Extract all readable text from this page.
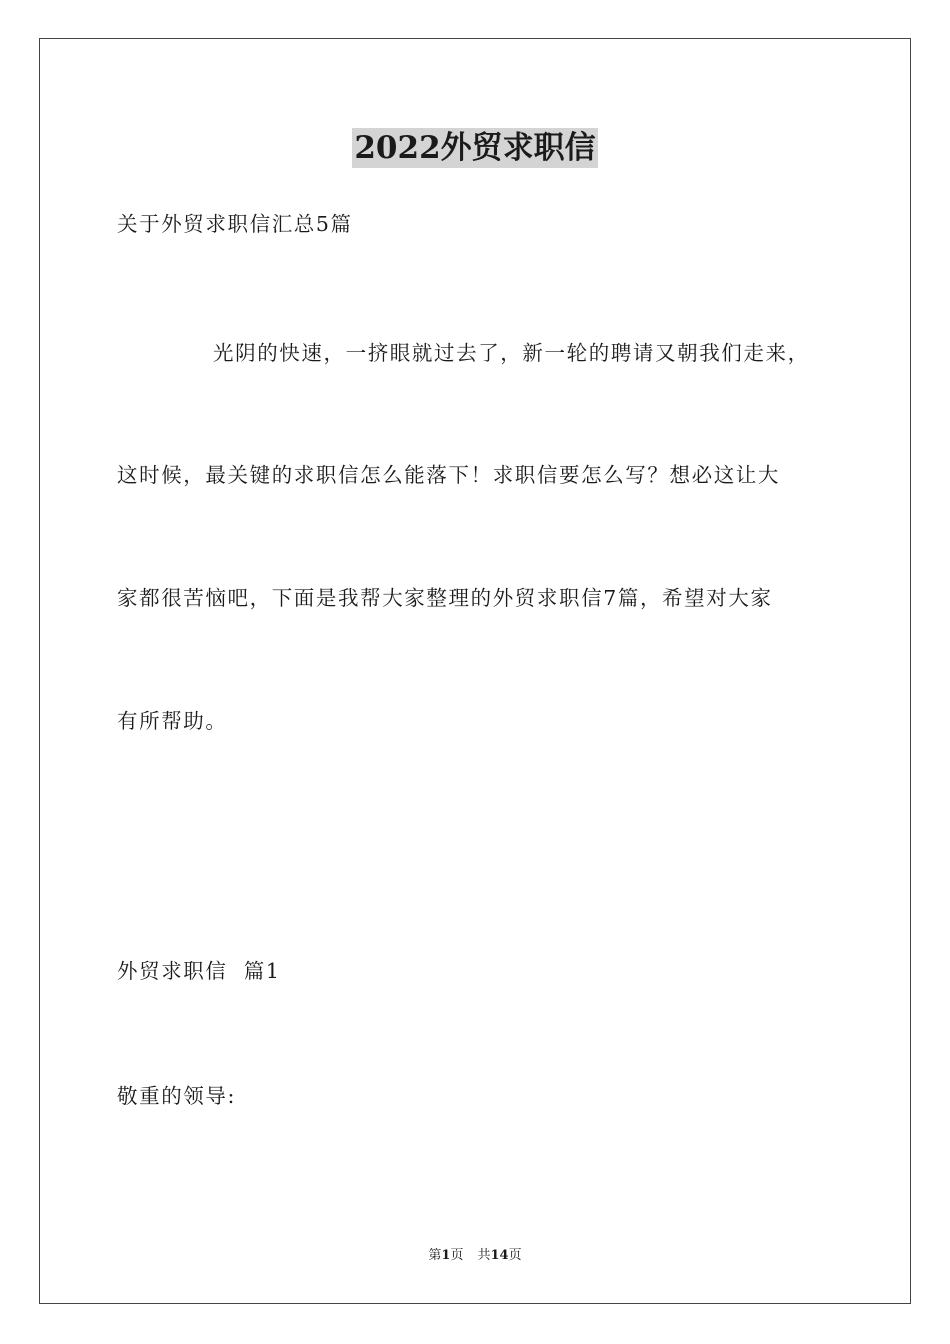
2022外贸求职信
关于外贸求职信汇总5篇
光阴的快速，一挤眼就过去了，新一轮的聘请又朝我们走来，
这时候，最关键的求职信怎么能落下！求职信要怎么写？想必这让大
家都很苦恼吧，下面是我帮大家整理的外贸求职信7篇，希望对大家
有所帮助。
外贸求职信  篇1
敬重的领导:
第1页 共14页
